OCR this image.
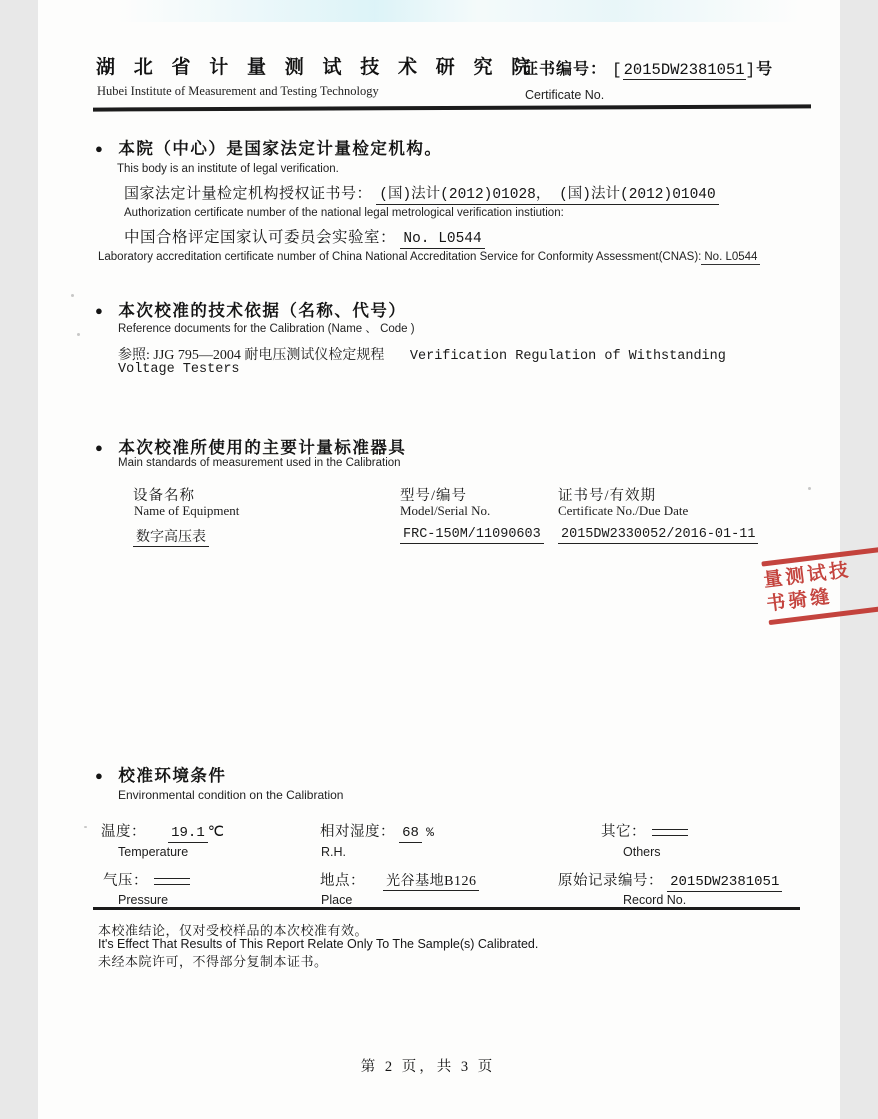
湖 北 省 计 量 测 试 技 术 研 究 院
Hubei Institute of Measurement and Testing Technology
证书编号： [2015DW2381051]号
Certificate No.
● 本院（中心）是国家法定计量检定机构。
This body is an institute of legal verification.
国家法定计量检定机构授权证书号： (国)法计(2012)01028， (国)法计(2012)01040
Authorization certificate number of the national legal metrological verification instiution:
中国合格评定国家认可委员会实验室： No. L0544
Laboratory accreditation certificate number of China National Accreditation Service for Conformity Assessment(CNAS): No. L0544
● 本次校准的技术依据（名称、代号）
Reference documents for the Calibration (Name 、 Code )
参照: JJG 795—2004 耐电压测试仪检定规程 Verification Regulation of Withstanding
Voltage Testers
● 本次校准所使用的主要计量标准器具
Main standards of measurement used in the Calibration
设备名称	型号/编号	证书号/有效期
Name of Equipment	Model/Serial No.	Certificate No./Due Date
数字高压表	FRC-150M/11090603 2015DW2330052/2016-01-11
量测试技
书骑缝
● 校准环境条件
Environmental condition on the Calibration
温度： 19.1 ℃	相对湿度： 68 %	其它：
Temperature	R.H.	Others
气压：	地点： 光谷基地B126	原始记录编号： 2015DW2381051
Pressure	Place	Record No.
本校准结论，仅对受校样品的本次校准有效。
It's Effect That Results of This Report Relate Only To The Sample(s) Calibrated.
未经本院许可，不得部分复制本证书。
第 2 页，共 3 页
